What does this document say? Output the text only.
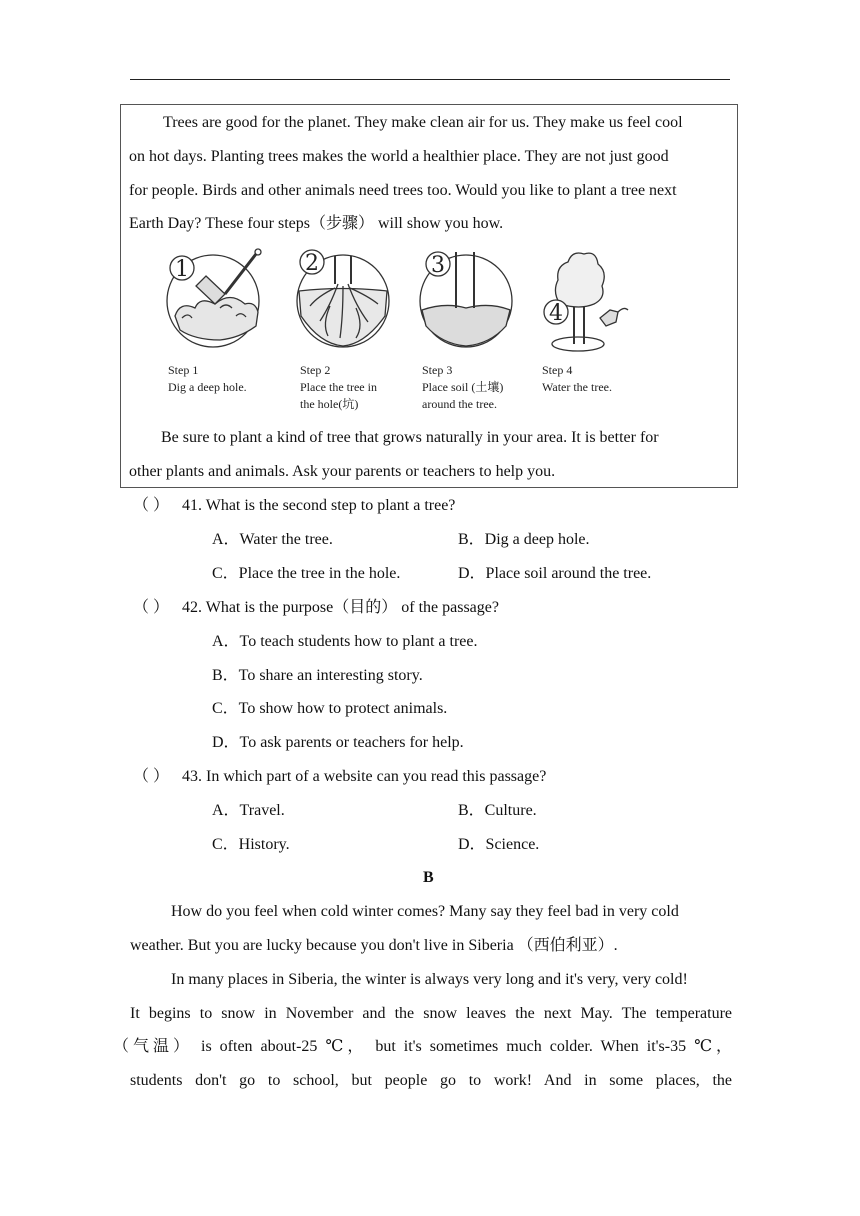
Trees are good for the planet. They make clean air for us. They make us feel cool
on hot days. Planting trees makes the world a healthier place. They are not just good
for people. Birds and other animals need trees too. Would you like to plant a tree next
Earth Day? These four steps（步骤） will show you how.
1	2	3
4
Step 1
Dig a deep hole.
Step 2
Place the tree in
the hole(坑)
Step 3
Place soil (土壤)
around the tree.
Step 4
Water the tree.
Be sure to plant a kind of tree that grows naturally in your area. It is better for
other plants and animals. Ask your parents or teachers to help you.
（ ） 41. What is the second step to plant a tree?
A．Water the tree.	B．Dig a deep hole.
C．Place the tree in the hole.	D．Place soil around the tree.
（ ） 42. What is the purpose（目的） of the passage?
A．To teach students how to plant a tree.
B．To share an interesting story.
C．To show how to protect animals.
D．To ask parents or teachers for help.
（ ） 43. In which part of a website can you read this passage?
A．Travel.	B．Culture.
C．History.	D．Science.
B
How do you feel when cold winter comes? Many say they feel bad in very cold
weather. But you are lucky because you don't live in Siberia （西伯利亚）.
In many places in Siberia, the winter is always very long and it's very, very cold!
It begins to snow in November and the snow leaves the next May. The temperature
（气温） is often about-25 ℃， but it's sometimes much colder. When it's-35 ℃，
students don't go to school, but people go to work! And in some places, the
